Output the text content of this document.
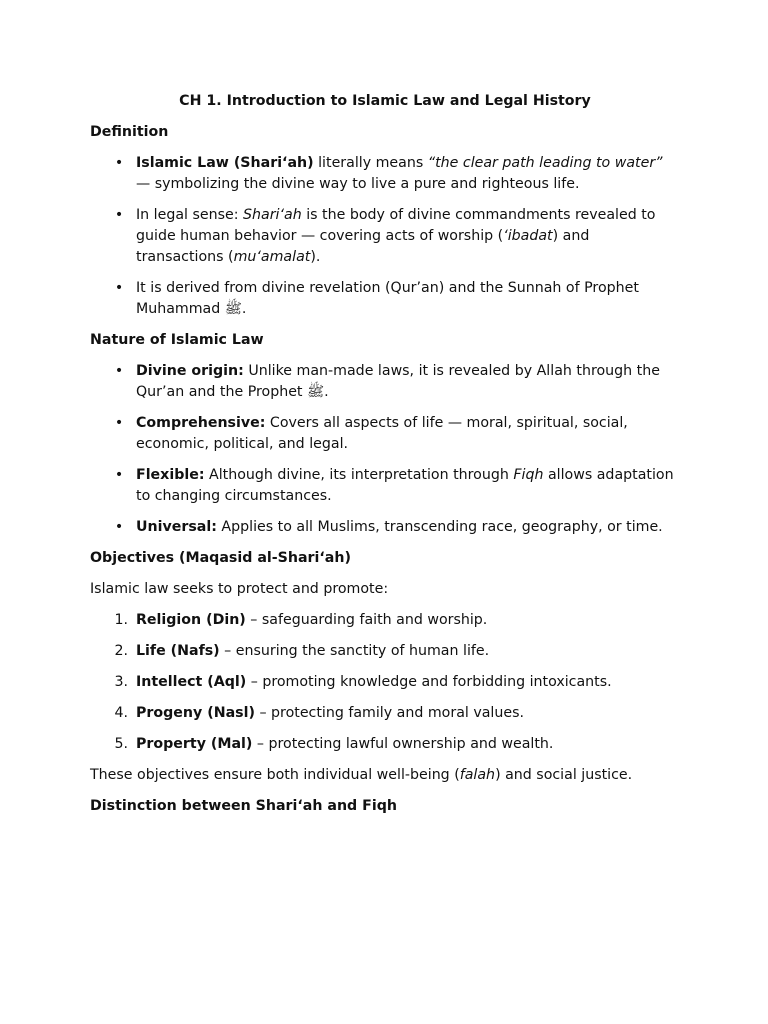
CH 1. Introduction to Islamic Law and Legal History
Definition
• Islamic Law (Shari‘ah) literally means “the clear path leading to water” — symbolizing the divine way to live a pure and righteous life.
• In legal sense: Shari‘ah is the body of divine commandments revealed to guide human behavior — covering acts of worship (‘ibadat) and transactions (mu‘amalat).
• It is derived from divine revelation (Qur’an) and the Sunnah of Prophet Muhammad ﷺ.
Nature of Islamic Law
• Divine origin: Unlike man-made laws, it is revealed by Allah through the Qur’an and the Prophet ﷺ.
• Comprehensive: Covers all aspects of life — moral, spiritual, social, economic, political, and legal.
• Flexible: Although divine, its interpretation through Fiqh allows adaptation to changing circumstances.
• Universal: Applies to all Muslims, transcending race, geography, or time.
Objectives (Maqasid al-Shari‘ah)

Islamic law seeks to protect and promote:

1. Religion (Din) – safeguarding faith and worship.
2. Life (Nafs) – ensuring the sanctity of human life.
3. Intellect (Aql) – promoting knowledge and forbidding intoxicants.
4. Progeny (Nasl) – protecting family and moral values.
5. Property (Mal) – protecting lawful ownership and wealth.

These objectives ensure both individual well-being (falah) and social justice.

Distinction between Shari‘ah and Fiqh
